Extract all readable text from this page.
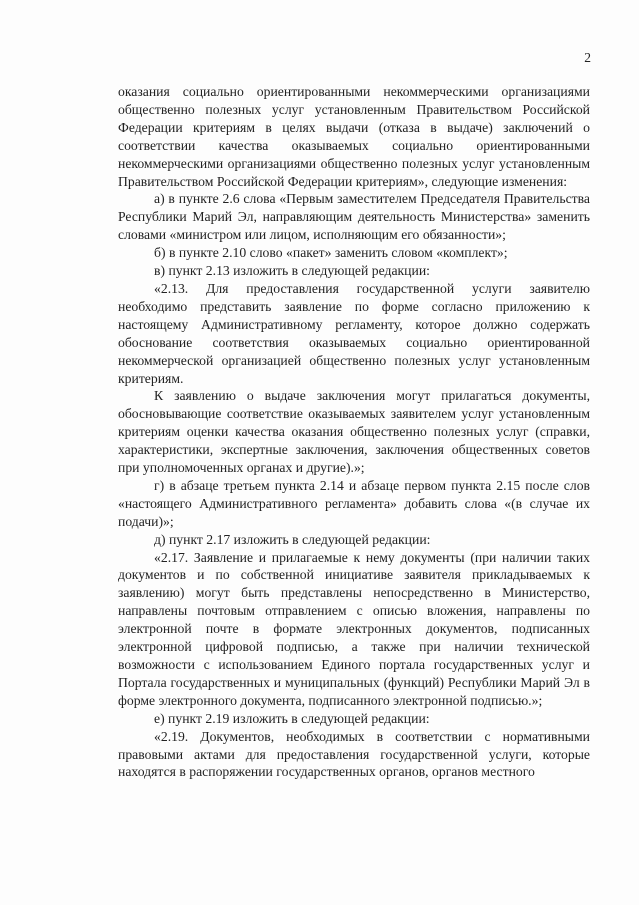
2

оказания социально ориентированными некоммерческими организациями общественно полезных услуг установленным Правительством Российской Федерации критериям в целях выдачи (отказа в выдаче) заключений о соответствии качества оказываемых социально ориентированными некоммерческими организациями общественно полезных услуг установленным Правительством Российской Федерации критериям», следующие изменения:

а) в пункте 2.6 слова «Первым заместителем Председателя Правительства Республики Марий Эл, направляющим деятельность Министерства» заменить словами «министром или лицом, исполняющим его обязанности»;

б) в пункте 2.10 слово «пакет» заменить словом «комплект»;

в) пункт 2.13 изложить в следующей редакции:

«2.13. Для предоставления государственной услуги заявителю необходимо представить заявление по форме согласно приложению к настоящему Административному регламенту, которое должно содержать обоснование соответствия оказываемых социально ориентированной некоммерческой организацией общественно полезных услуг установленным критериям.

К заявлению о выдаче заключения могут прилагаться документы, обосновывающие соответствие оказываемых заявителем услуг установленным критериям оценки качества оказания общественно полезных услуг (справки, характеристики, экспертные заключения, заключения общественных советов при уполномоченных органах и другие).»;

г) в абзаце третьем пункта 2.14 и абзаце первом пункта 2.15 после слов «настоящего Административного регламента» добавить слова «(в случае их подачи)»;

д) пункт 2.17 изложить в следующей редакции:

«2.17. Заявление и прилагаемые к нему документы (при наличии таких документов и по собственной инициативе заявителя прикладываемых к заявлению) могут быть представлены непосредственно в Министерство, направлены почтовым отправлением с описью вложения, направлены по электронной почте в формате электронных документов, подписанных электронной цифровой подписью, а также при наличии технической возможности с использованием Единого портала государственных услуг и Портала государственных и муниципальных (функций) Республики Марий Эл в форме электронного документа, подписанного электронной подписью.»;

е) пункт 2.19 изложить в следующей редакции:

«2.19. Документов, необходимых в соответствии с нормативными правовыми актами для предоставления государственной услуги, которые находятся в распоряжении государственных органов, органов местного
